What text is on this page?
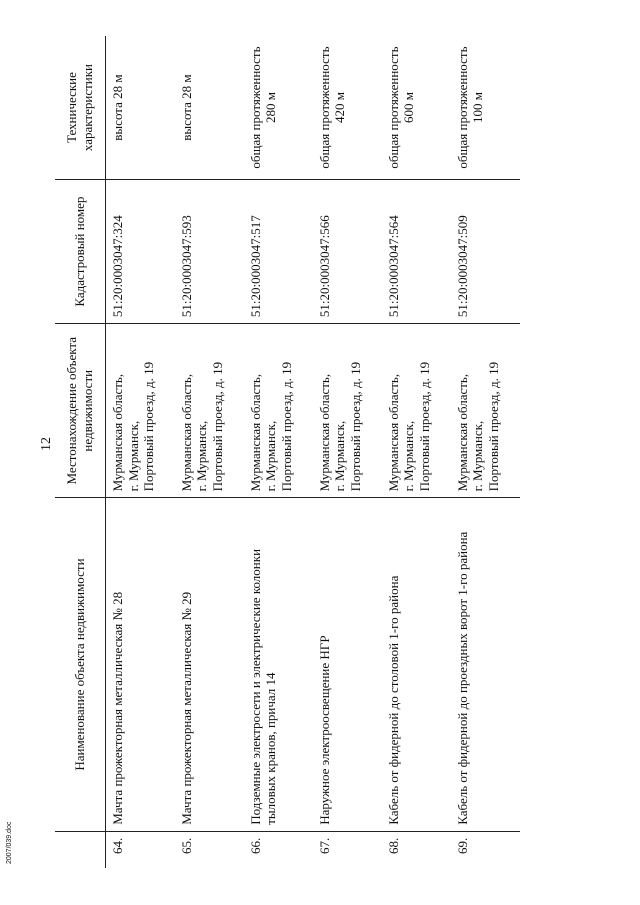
12
	Наименование объекта недвижимости	Местонахождение объекта недвижимости	Кадастровый номер	Технические характеристики
64.	Мачта прожекторная металлическая № 28	Мурманская область, г. Мурманск, Портовый проезд, д. 19	51:20:0003047:324	высота 28 м
65.	Мачта прожекторная металлическая № 29	Мурманская область, г. Мурманск, Портовый проезд, д. 19	51:20:0003047:593	высота 28 м
66.	Подземные электросети и электрические колонки тыловых кранов, причал 14	Мурманская область, г. Мурманск, Портовый проезд, д. 19	51:20:0003047:517	общая протяженность 280 м
67.	Наружное электроосвещение НГР	Мурманская область, г. Мурманск, Портовый проезд, д. 19	51:20:0003047:566	общая протяженность 420 м
68.	Кабель от фидерной до столовой 1-го района	Мурманская область, г. Мурманск, Портовый проезд, д. 19	51:20:0003047:564	общая протяженность 600 м
69.	Кабель от фидерной до проездных ворот 1-го района	Мурманская область, г. Мурманск, Портовый проезд, д. 19	51:20:0003047:509	общая протяженность 100 м
2007/039.doc
